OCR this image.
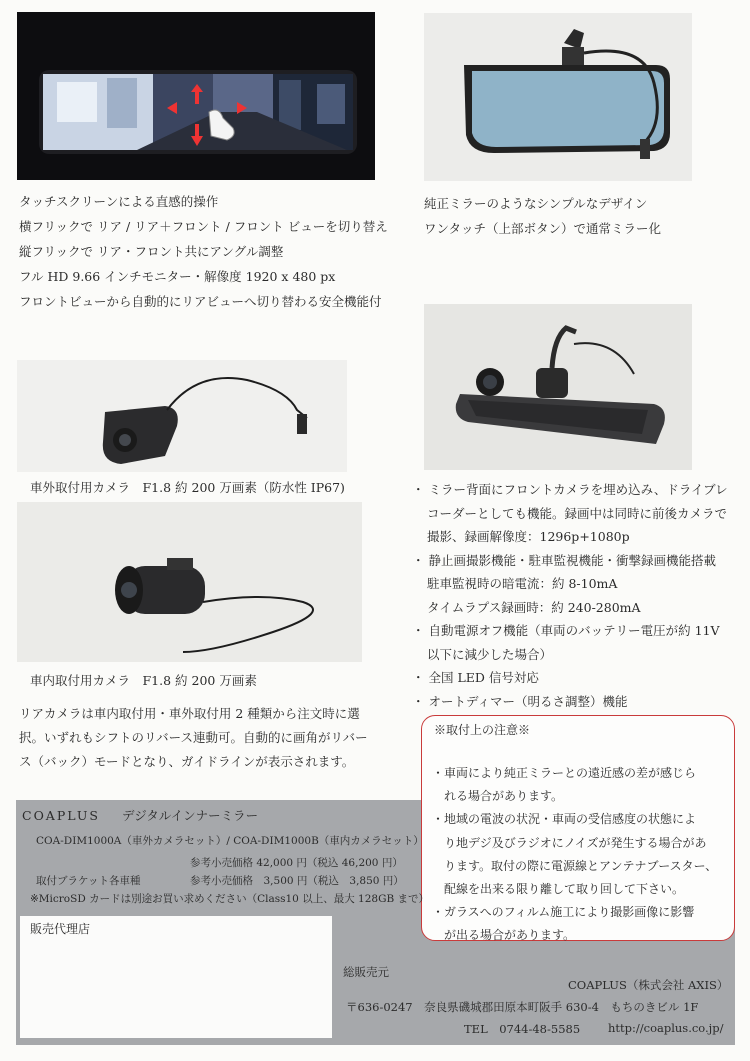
タッチスクリーンによる直感的操作
横フリックで リア / リア＋フロント / フロント ビューを切り替え
縦フリックで リア・フロント共にアングル調整
フル HD 9.66 インチモニター・解像度 1920 x 480 px
フロントビューから自動的にリアビューへ切り替わる安全機能付
純正ミラーのようなシンプルなデザイン
ワンタッチ（上部ボタン）で通常ミラー化
車外取付用カメラ　F1.8 約 200 万画素（防水性 IP67)
車内取付用カメラ　F1.8 約 200 万画素
リアカメラは車内取付用・車外取付用 2 種類から注文時に選
択。いずれもシフトのリバース連動可。自動的に画角がリバー
ス（バック）モードとなり、ガイドラインが表示されます。
・ ミラー背面にフロントカメラを埋め込み、ドライブレ
コーダーとしても機能。録画中は同時に前後カメラで
撮影、録画解像度：1296p+1080p
・ 静止画撮影機能・駐車監視機能・衝撃録画機能搭載
駐車監視時の暗電流：約 8-10mA
タイムラプス録画時：約 240-280mA
・ 自動電源オフ機能（車両のバッテリー電圧が約 11V
以下に減少した場合）
・ 全国 LED 信号対応
・ オートディマー（明るさ調整）機能
※取付上の注意※
・車両により純正ミラーとの遠近感の差が感じら
れる場合があります。
・地域の電波の状況・車両の受信感度の状態によ
り地デジ及びラジオにノイズが発生する場合があ
ります。取付の際に電源線とアンテナブースター、
配線を出来る限り離して取り回して下さい。
・ガラスへのフィルム施工により撮影画像に影響
が出る場合があります。
COAPLUS デジタルインナーミラー
COA-DIM1000A（車外カメラセット）/ COA-DIM1000B（車内カメラセット）
参考小売価格 42,000 円（税込 46,200 円）
取付ブラケット各車種	参考小売価格　3,500 円（税込　3,850 円）
※MicroSD カードは別途お買い求めください（Class10 以上、最大 128GB まで）
販売代理店
総販売元
COAPLUS（株式会社 AXIS）
〒636-0247　奈良県磯城郡田原本町阪手 630-4　もちのきビル 1F
TEL　0744-48-5585 http://coaplus.co.jp/
